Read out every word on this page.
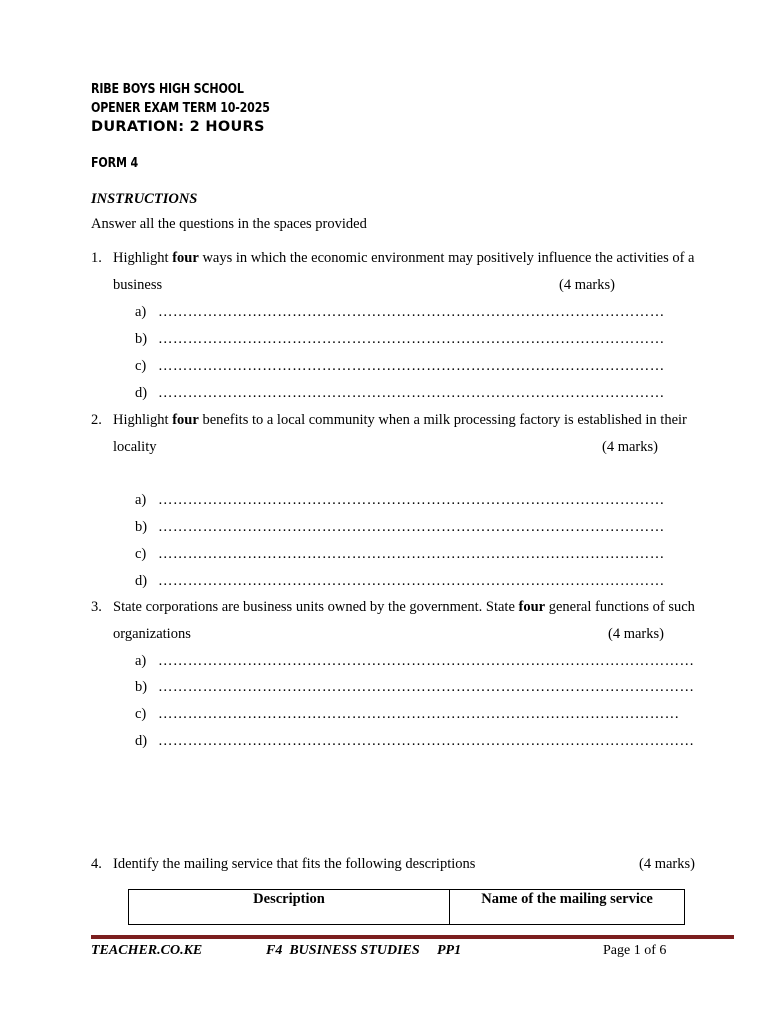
RIBE BOYS HIGH SCHOOL
OPENER EXAM TERM 10-2025
DURATION: 2 HOURS
FORM 4
INSTRUCTIONS
Answer all the questions in the spaces provided
1. Highlight four ways in which the economic environment may positively influence the activities of a
business	(4 marks)
a) …………………………………………………………………………………………
b) …………………………………………………………………………………………
c) …………………………………………………………………………………………
d) …………………………………………………………………………………………
2. Highlight four benefits to a local community when a milk processing factory is established in their
locality	(4 marks)
a) …………………………………………………………………………………………
b) …………………………………………………………………………………………
c) …………………………………………………………………………………………
d) …………………………………………………………………………………………
3. State corporations are business units owned by the government. State four general functions of such
organizations	(4 marks)
a) ………………………………………………………………………………………………
b) ………………………………………………………………………………………………
c) ……………………………………………………………………………………………
d) ………………………………………………………………………………………………
4. Identify the mailing service that fits the following descriptions	(4 marks)
Description	Name of the mailing service
TEACHER.CO.KE	F4  BUSINESS STUDIES PP1	Page 1 of 6
